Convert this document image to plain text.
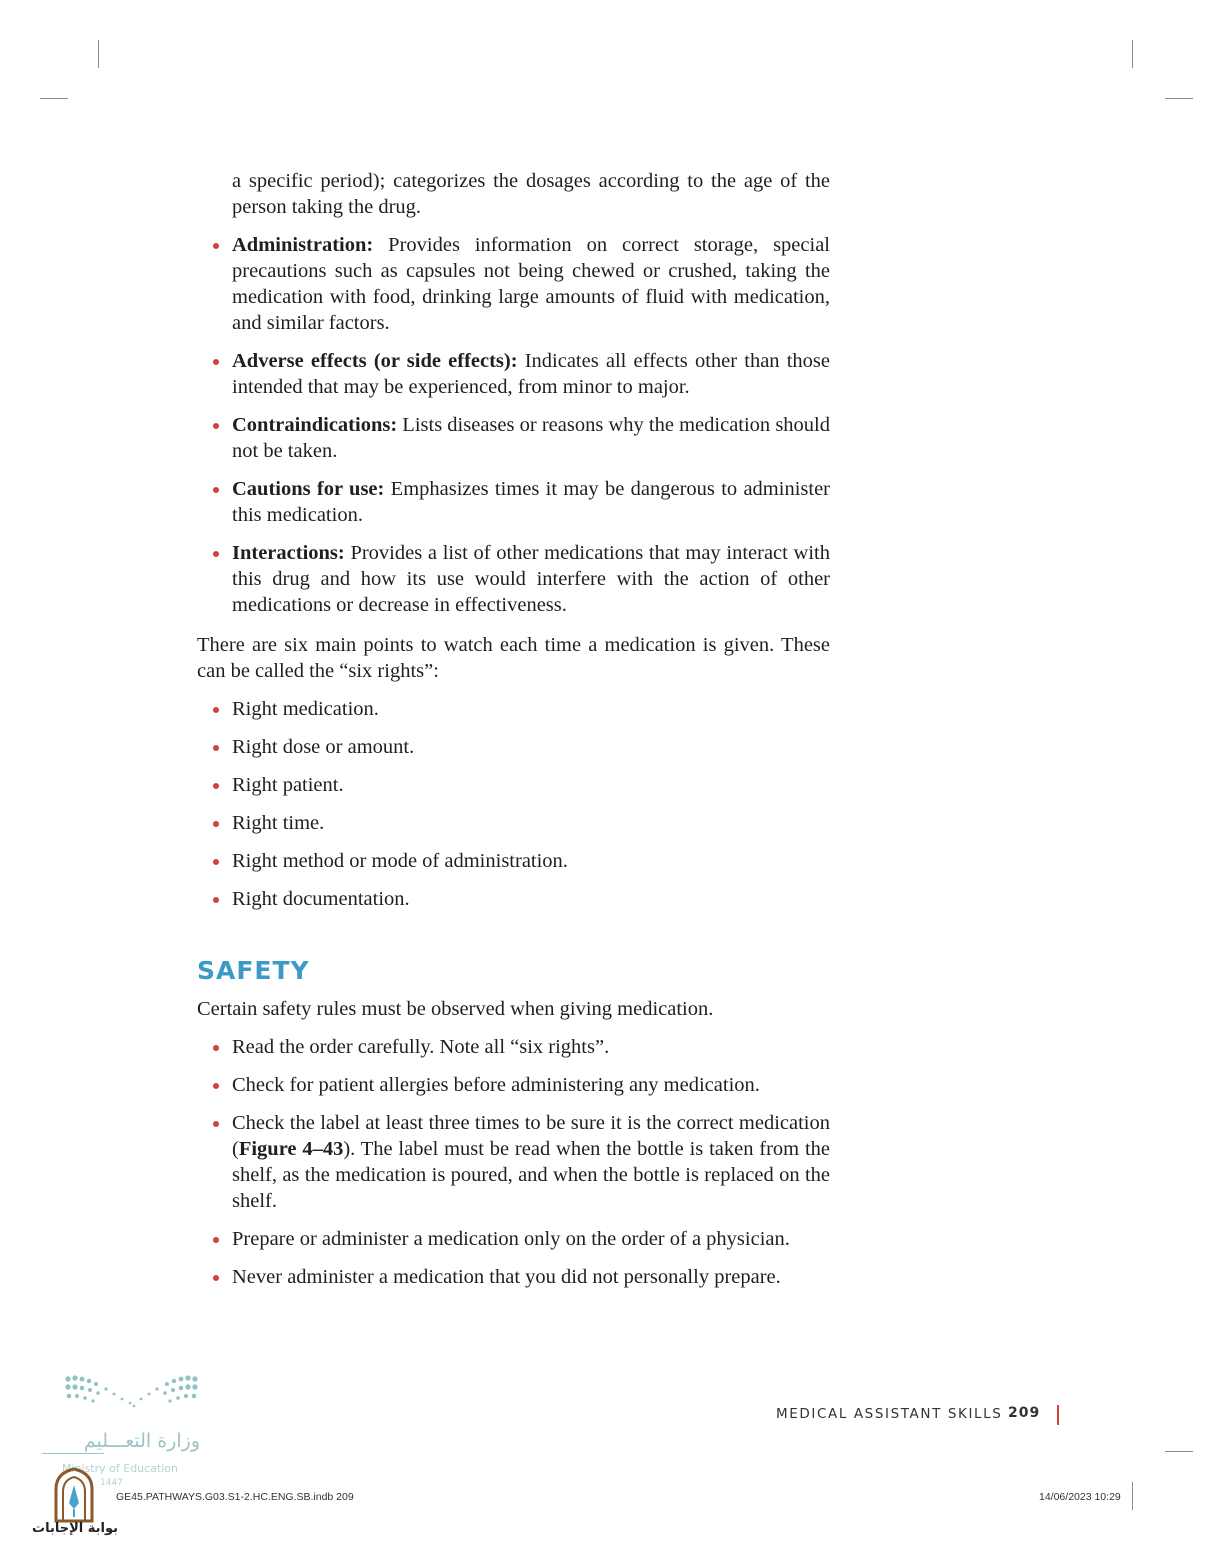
a specific period); categorizes the dosages according to the age of the person taking the drug.

Administration: Provides information on correct storage, special precautions such as capsules not being chewed or crushed, taking the medication with food, drinking large amounts of fluid with medication, and similar factors.
Adverse effects (or side effects): Indicates all effects other than those intended that may be experienced, from minor to major.
Contraindications: Lists diseases or reasons why the medication should not be taken.
Cautions for use: Emphasizes times it may be dangerous to administer this medication.
Interactions: Provides a list of other medications that may interact with this drug and how its use would interfere with the action of other medications or decrease in effectiveness.

There are six main points to watch each time a medication is given. These can be called the “six rights”:

Right medication.
Right dose or amount.
Right patient.
Right time.
Right method or mode of administration.
Right documentation.
SAFETY

Certain safety rules must be observed when giving medication.

Read the order carefully. Note all “six rights”.
Check for patient allergies before administering any medication.
Check the label at least three times to be sure it is the correct medication (Figure 4–43). The label must be read when the bottle is taken from the shelf, as the medication is poured, and when the bottle is replaced on the shelf.
Prepare or administer a medication only on the order of a physician.
Never administer a medication that you did not personally prepare.
وزارة التعـــليم
Ministry of Education
1447
بوابة الإجابات
MEDICAL ASSISTANT SKILLS 209
GE45.PATHWAYS.G03.S1-2.HC.ENG.SB.indb 209	14/06/2023 10:29
